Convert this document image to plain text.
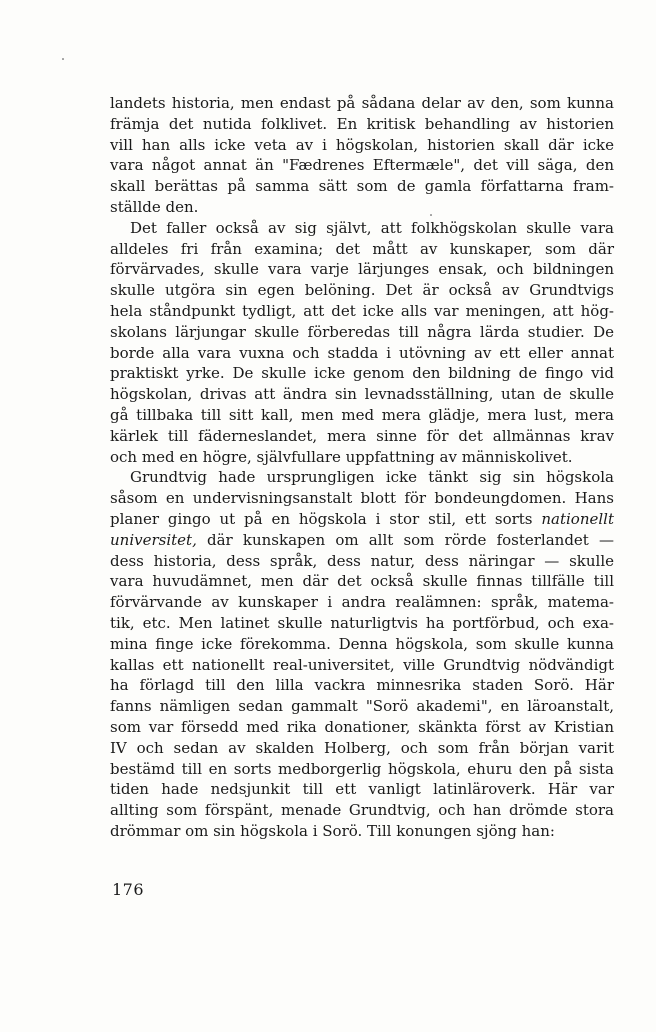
landets historia, men endast på sådana delar av den, som kunna
främja det nutida folklivet. En kritisk behandling av historien
vill han alls icke veta av i högskolan, historien skall där icke
vara något annat än "Fædrenes Eftermæle", det vill säga, den
skall berättas på samma sätt som de gamla författarna fram-
ställde den.
Det faller också av sig självt, att folkhögskolan skulle vara
alldeles fri från examina; det mått av kunskaper, som där
förvärvades, skulle vara varje lärjunges ensak, och bildningen
skulle utgöra sin egen belöning. Det är också av Grundtvigs
hela ståndpunkt tydligt, att det icke alls var meningen, att hög-
skolans lärjungar skulle förberedas till några lärda studier. De
borde alla vara vuxna och stadda i utövning av ett eller annat
praktiskt yrke. De skulle icke genom den bildning de fingo vid
högskolan, drivas att ändra sin levnadsställning, utan de skulle
gå tillbaka till sitt kall, men med mera glädje, mera lust, mera
kärlek till fäderneslandet, mera sinne för det allmännas krav
och med en högre, självfullare uppfattning av människolivet.
Grundtvig hade ursprungligen icke tänkt sig sin högskola
såsom en undervisningsanstalt blott för bondeungdomen. Hans
planer gingo ut på en högskola i stor stil, ett sorts nationellt
universitet, där kunskapen om allt som rörde fosterlandet —
dess historia, dess språk, dess natur, dess näringar — skulle
vara huvudämnet, men där det också skulle finnas tillfälle till
förvärvande av kunskaper i andra realämnen: språk, matema-
tik, etc. Men latinet skulle naturligtvis ha portförbud, och exa-
mina finge icke förekomma. Denna högskola, som skulle kunna
kallas ett nationellt real-universitet, ville Grundtvig nödvändigt
ha förlagd till den lilla vackra minnesrika staden Sorö. Här
fanns nämligen sedan gammalt "Sorö akademi", en läroanstalt,
som var försedd med rika donationer, skänkta först av Kristian
IV och sedan av skalden Holberg, och som från början varit
bestämd till en sorts medborgerlig högskola, ehuru den på sista
tiden hade nedsjunkit till ett vanligt latinläroverk. Här var
allting som förspänt, menade Grundtvig, och han drömde stora
drömmar om sin högskola i Sorö. Till konungen sjöng han:
176
